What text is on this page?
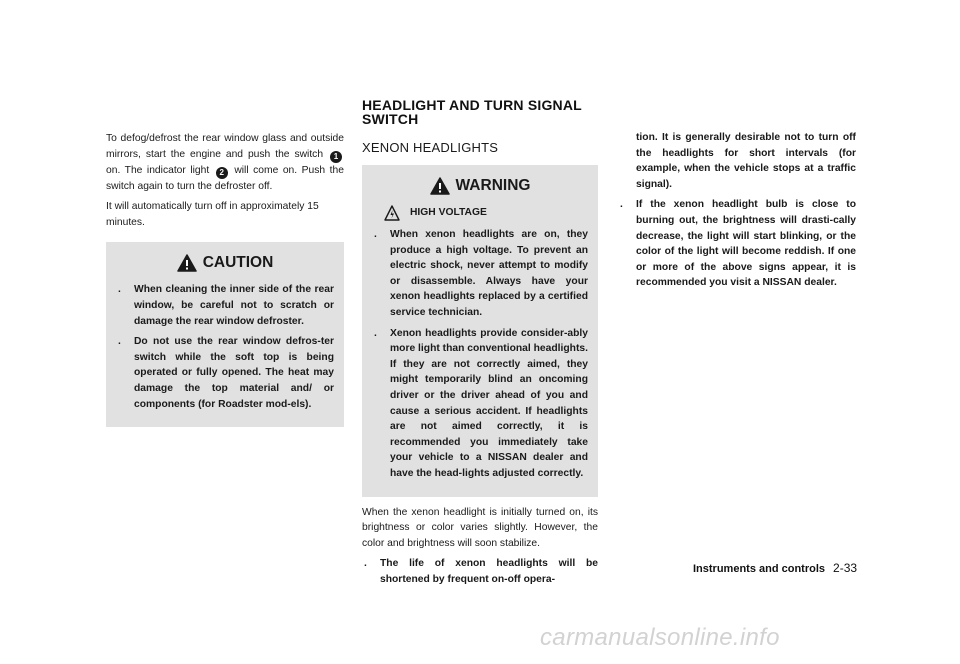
HEADLIGHT AND TURN SIGNAL
SWITCH

To defog/defrost the rear window glass and outside mirrors, start the engine and push the switch 1 on. The indicator light 2 will come on. Push the switch again to turn the defroster off.

It will automatically turn off in approximately 15 minutes.

CAUTION
.	When cleaning the inner side of the rear window, be careful not to scratch or damage the rear window defroster.
.	Do not use the rear window defros-ter switch while the soft top is being operated or fully opened. The heat may damage the top material and/ or components (for Roadster mod-els).
XENON HEADLIGHTS
WARNING
HIGH VOLTAGE
.	When xenon headlights are on, they produce a high voltage. To prevent an electric shock, never attempt to modify or disassemble. Always have your xenon headlights replaced by a certified service technician.
.	Xenon headlights provide consider-ably more light than conventional headlights. If they are not correctly aimed, they might temporarily blind an oncoming driver or the driver ahead of you and cause a serious accident. If headlights are not aimed correctly, it is recommended you immediately take your vehicle to a NISSAN dealer and have the head-lights adjusted correctly.

When the xenon headlight is initially turned on, its brightness or color varies slightly. However, the color and brightness will soon stabilize.

.	The life of xenon headlights will be shortened by frequent on-off opera-
tion. It is generally desirable not to turn off the headlights for short intervals (for example, when the vehicle stops at a traffic signal).
.	If the xenon headlight bulb is close to burning out, the brightness will drasti-cally decrease, the light will start blinking, or the color of the light will become reddish. If one or more of the above signs appear, it is recommended you visit a NISSAN dealer.
Instruments and controls 2-33
carmanualsonline.info
